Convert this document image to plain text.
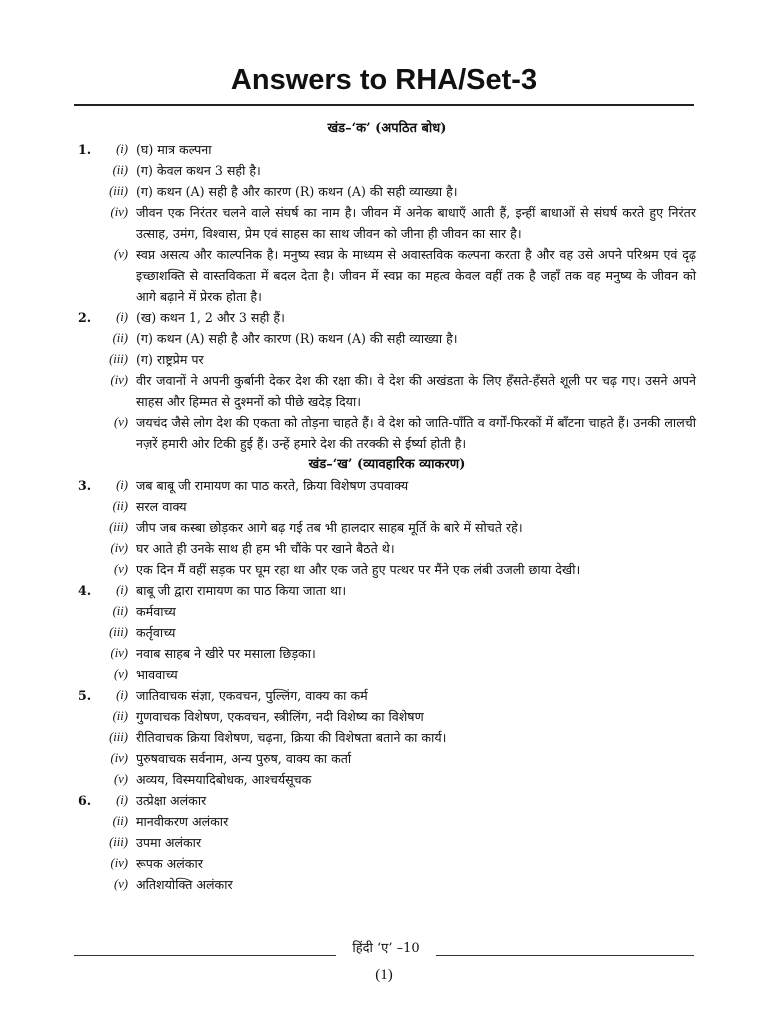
Answers to RHA/Set-3
खंड–‘क’ (अपठित बोध)
1.	(i) (घ) मात्र कल्पना
(ii) (ग) केवल कथन 3 सही है।
(iii) (ग) कथन (A) सही है और कारण (R) कथन (A) की सही व्याख्या है।
(iv) जीवन एक निरंतर चलने वाले संघर्ष का नाम है। जीवन में अनेक बाधाएँ आती हैं, इन्हीं बाधाओं से संघर्ष करते हुए निरंतर उत्साह, उमंग, विश्वास, प्रेम एवं साहस का साथ जीवन को जीना ही जीवन का सार है।
(v) स्वप्न असत्य और काल्पनिक है। मनुष्य स्वप्न के माध्यम से अवास्तविक कल्पना करता है और वह उसे अपने परिश्रम एवं दृढ़ इच्छाशक्ति से वास्तविकता में बदल देता है। जीवन में स्वप्न का महत्व केवल वहीं तक है जहाँ तक वह मनुष्य के जीवन को आगे बढ़ाने में प्रेरक होता है।
2.	(i) (ख) कथन 1, 2 और 3 सही हैं।
(ii) (ग) कथन (A) सही है और कारण (R) कथन (A) की सही व्याख्या है।
(iii) (ग) राष्ट्रप्रेम पर
(iv) वीर जवानों ने अपनी कुर्बानी देकर देश की रक्षा की। वे देश की अखंडता के लिए हँसते-हँसते शूली पर चढ़ गए। उसने अपने साहस और हिम्मत से दुश्मनों को पीछे खदेड़ दिया।
(v) जयचंद जैसे लोग देश की एकता को तोड़ना चाहते हैं। वे देश को जाति-पाँति व वर्गों-फिरकों में बाँटना चाहते हैं। उनकी लालची नज़रें हमारी ओर टिकी हुई हैं। उन्हें हमारे देश की तरक्की से ईर्ष्या होती है।
खंड–‘ख’ (व्यावहारिक व्याकरण)
3.	(i) जब बाबू जी रामायण का पाठ करते, क्रिया विशेषण उपवाक्य
(ii) सरल वाक्य
(iii) जीप जब कस्बा छोड़कर आगे बढ़ गई तब भी हालदार साहब मूर्ति के बारे में सोचते रहे।
(iv) घर आते ही उनके साथ ही हम भी चौंके पर खाने बैठते थे।
(v) एक दिन मैं वहीं सड़क पर घूम रहा था और एक जते हुए पत्थर पर मैंने एक लंबी उजली छाया देखी।
4.	(i) बाबू जी द्वारा रामायण का पाठ किया जाता था।
(ii) कर्मवाच्य
(iii) कर्तृवाच्य
(iv) नवाब साहब ने खीरे पर मसाला छिड़का।
(v) भाववाच्य
5.	(i) जातिवाचक संज्ञा, एकवचन, पुल्लिंग, वाक्य का कर्म
(ii) गुणवाचक विशेषण, एकवचन, स्त्रीलिंग, नदी विशेष्य का विशेषण
(iii) रीतिवाचक क्रिया विशेषण, चढ़ना, क्रिया की विशेषता बताने का कार्य।
(iv) पुरुषवाचक सर्वनाम, अन्य पुरुष, वाक्य का कर्ता
(v) अव्यय, विस्मयादिबोधक, आश्चर्यसूचक
6.	(i) उत्प्रेक्षा अलंकार
(ii) मानवीकरण अलंकार
(iii) उपमा अलंकार
(iv) रूपक अलंकार
(v) अतिशयोक्ति अलंकार
हिंदी ‘ए’ –10
(1)
